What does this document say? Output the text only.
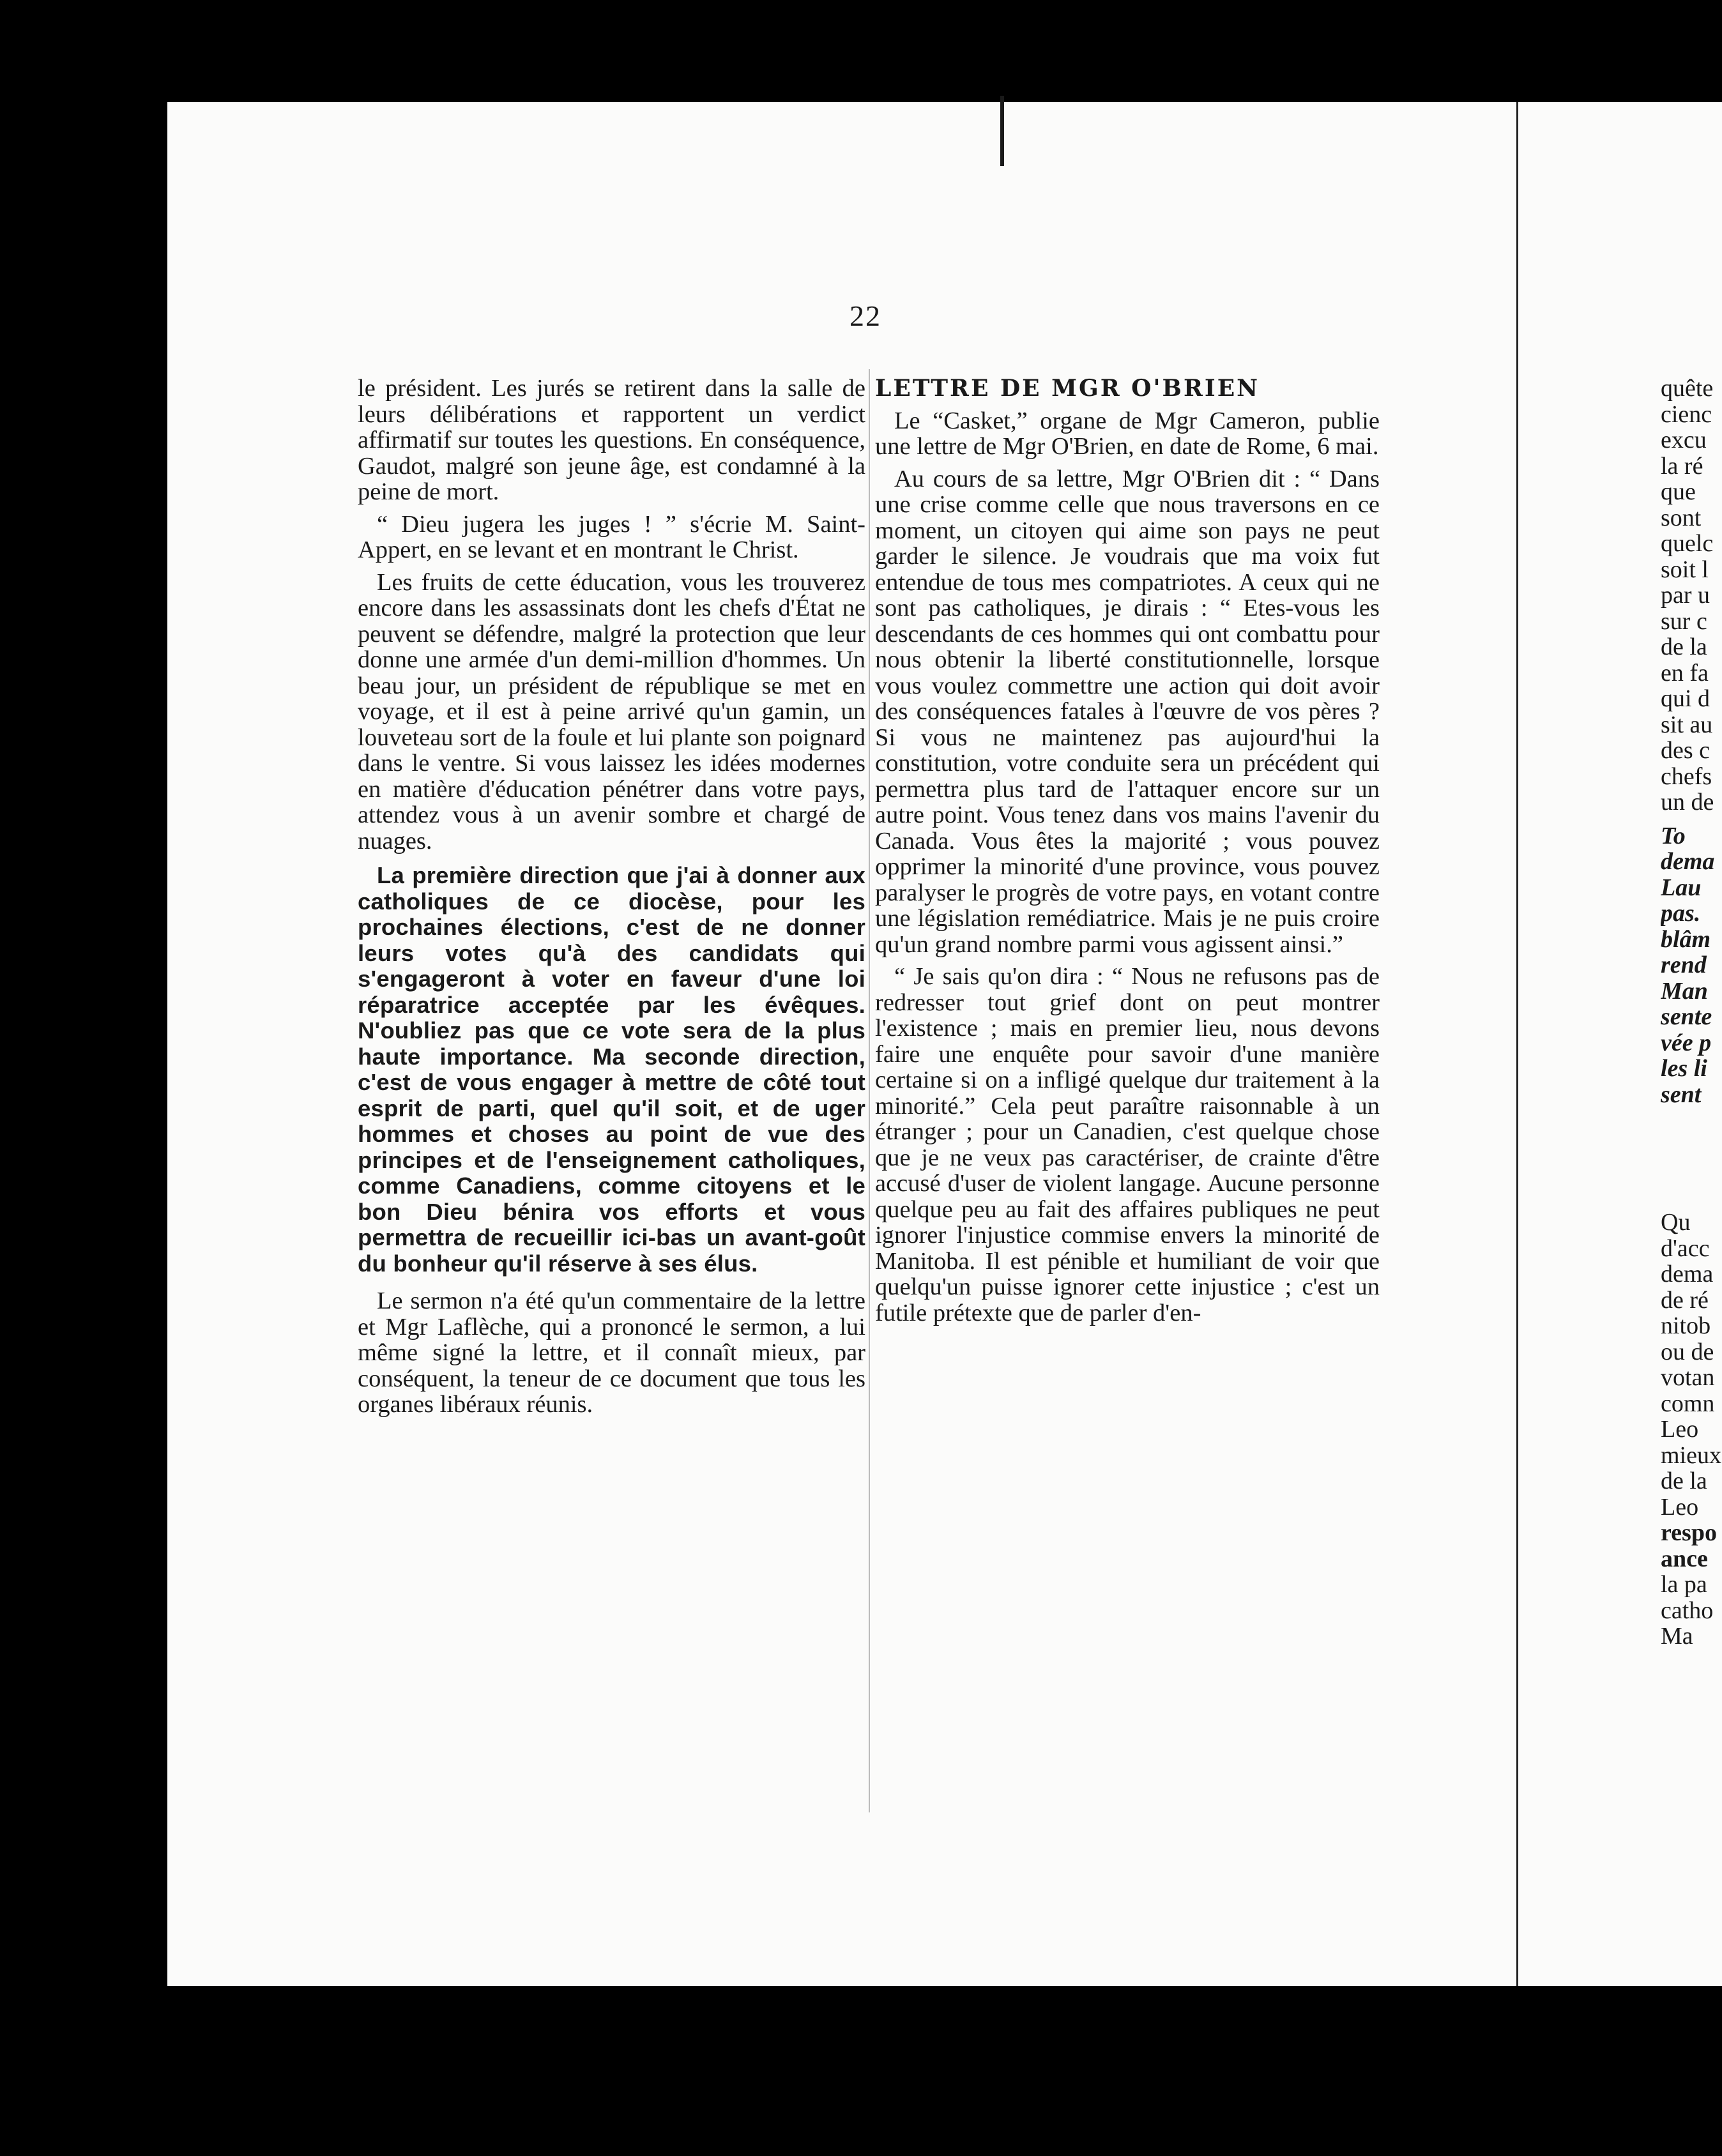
22

le président. Les jurés se retirent dans la salle de leurs délibérations et rapportent un verdict affirmatif sur toutes les questions. En conséquence, Gaudot, malgré son jeune âge, est condamné à la peine de mort.

“ Dieu jugera les juges ! ” s'écrie M. Saint-Appert, en se levant et en montrant le Christ.

Les fruits de cette éducation, vous les trouverez encore dans les assassinats dont les chefs d'État ne peuvent se défendre, malgré la protection que leur donne une armée d'un demi-million d'hommes. Un beau jour, un président de république se met en voyage, et il est à peine arrivé qu'un gamin, un louveteau sort de la foule et lui plante son poignard dans le ventre. Si vous laissez les idées modernes en matière d'éducation pénétrer dans votre pays, attendez vous à un avenir sombre et chargé de nuages.

La première direction que j'ai à donner aux catholiques de ce diocèse, pour les prochaines élections, c'est de ne donner leurs votes qu'à des candidats qui s'engageront à voter en faveur d'une loi réparatrice acceptée par les évêques. N'oubliez pas que ce vote sera de la plus haute importance. Ma seconde direction, c'est de vous engager à mettre de côté tout esprit de parti, quel qu'il soit, et de uger hommes et choses au point de vue des principes et de l'enseignement catholiques, comme Canadiens, comme citoyens et le bon Dieu bénira vos efforts et vous permettra de recueillir ici-bas un avant-goût du bonheur qu'il réserve à ses élus.

Le sermon n'a été qu'un commentaire de la lettre et Mgr Laflèche, qui a prononcé le sermon, a lui même signé la lettre, et il connaît mieux, par conséquent, la teneur de ce document que tous les organes libéraux réunis.

LETTRE DE MGR O'BRIEN

Le “Casket,” organe de Mgr Cameron, publie une lettre de Mgr O'Brien, en date de Rome, 6 mai.

Au cours de sa lettre, Mgr O'Brien dit : “ Dans une crise comme celle que nous traversons en ce moment, un citoyen qui aime son pays ne peut garder le silence. Je voudrais que ma voix fut entendue de tous mes compatriotes. A ceux qui ne sont pas catholiques, je dirais : “ Etes-vous les descendants de ces hommes qui ont combattu pour nous obtenir la liberté constitutionnelle, lorsque vous voulez commettre une action qui doit avoir des conséquences fatales à l'œuvre de vos pères ? Si vous ne maintenez pas aujourd'hui la constitution, votre conduite sera un précédent qui permettra plus tard de l'attaquer encore sur un autre point. Vous tenez dans vos mains l'avenir du Canada. Vous êtes la majorité ; vous pouvez opprimer la minorité d'une province, vous pouvez paralyser le progrès de votre pays, en votant contre une législation remédiatrice. Mais je ne puis croire qu'un grand nombre parmi vous agissent ainsi.”

“ Je sais qu'on dira : “ Nous ne refusons pas de redresser tout grief dont on peut montrer l'existence ; mais en premier lieu, nous devons faire une enquête pour savoir d'une manière certaine si on a infligé quelque dur traitement à la minorité.” Cela peut paraître raisonnable à un étranger ; pour un Canadien, c'est quelque chose que je ne veux pas caractériser, de crainte d'être accusé d'user de violent langage. Aucune personne quelque peu au fait des affaires publiques ne peut ignorer l'injustice commise envers la minorité de Manitoba. Il est pénible et humiliant de voir que quelqu'un puisse ignorer cette injustice ; c'est un futile prétexte que de parler d'en-

quête
cienc
excu
la ré
que
sont
quelc
soit l
par u
sur c
de la
en fa
qui d
sit au
des c
chefs
un de
To
dema
Lau
pas.
blâm
rend
Man
sente
vée p
les li
sent
Qu
d'acc
dema
de ré
nitob
ou de
votan
comn
Leo
mieux
de la
Leo
respo
ance
la pa
catho
Ma
